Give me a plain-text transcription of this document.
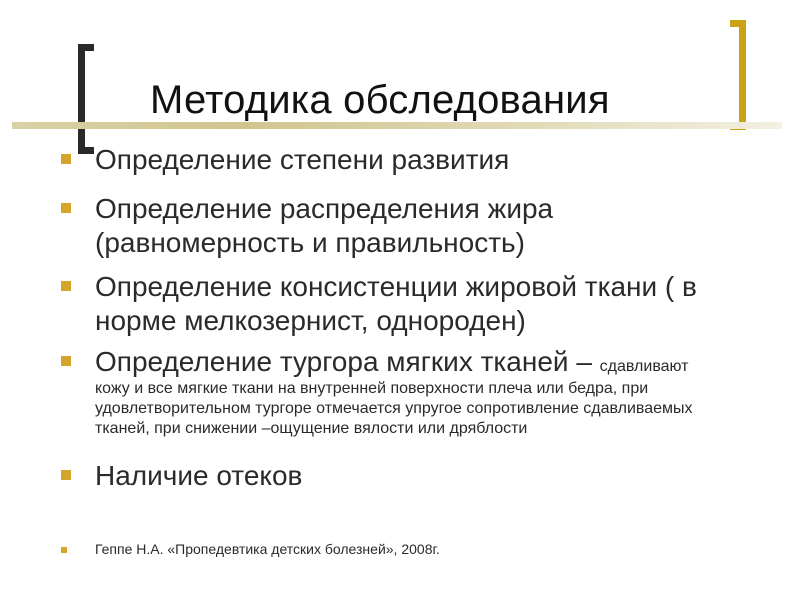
Методика обследования
Определение степени развития
Определение распределения жира
(равномерность и правильность)
Определение консистенции жировой ткани ( в
норме мелкозернист, однороден)
Определение тургора мягких тканей – сдавливают
кожу и все мягкие ткани на внутренней поверхности плеча или бедра, при
удовлетворительном тургоре отмечается упругое сопротивление сдавливаемых
тканей, при снижении –ощущение вялости или дряблости
Наличие отеков
Геппе Н.А. «Пропедевтика детских болезней», 2008г.
